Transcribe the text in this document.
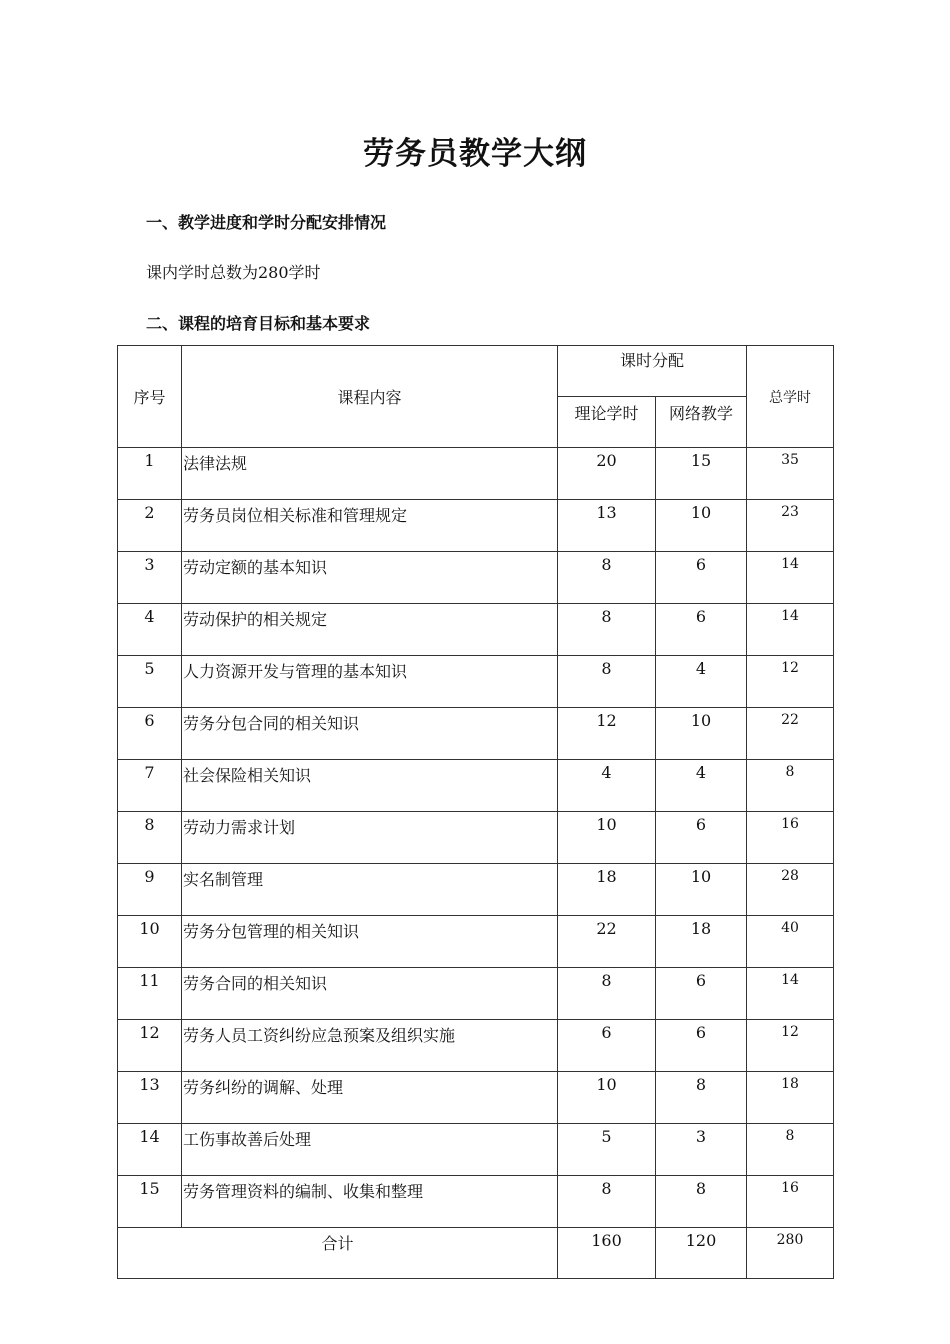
劳务员教学大纲
一、教学进度和学时分配安排情况
课内学时总数为280学时
二、课程的培育目标和基本要求
序号	课程内容	课时分配		总学时
		理论学时	网络教学	
1	法律法规	20	15	35
2	劳务员岗位相关标准和管理规定	13	10	23
3	劳动定额的基本知识	8	6	14
4	劳动保护的相关规定	8	6	14
5	人力资源开发与管理的基本知识	8	4	12
6	劳务分包合同的相关知识	12	10	22
7	社会保险相关知识	4	4	8
8	劳动力需求计划	10	6	16
9	实名制管理	18	10	28
10	劳务分包管理的相关知识	22	18	40
11	劳务合同的相关知识	8	6	14
12	劳务人员工资纠纷应急预案及组织实施	6	6	12
13	劳务纠纷的调解、处理	10	8	18
14	工伤事故善后处理	5	3	8
15	劳务管理资料的编制、收集和整理	8	8	16
合计		160	120	280
